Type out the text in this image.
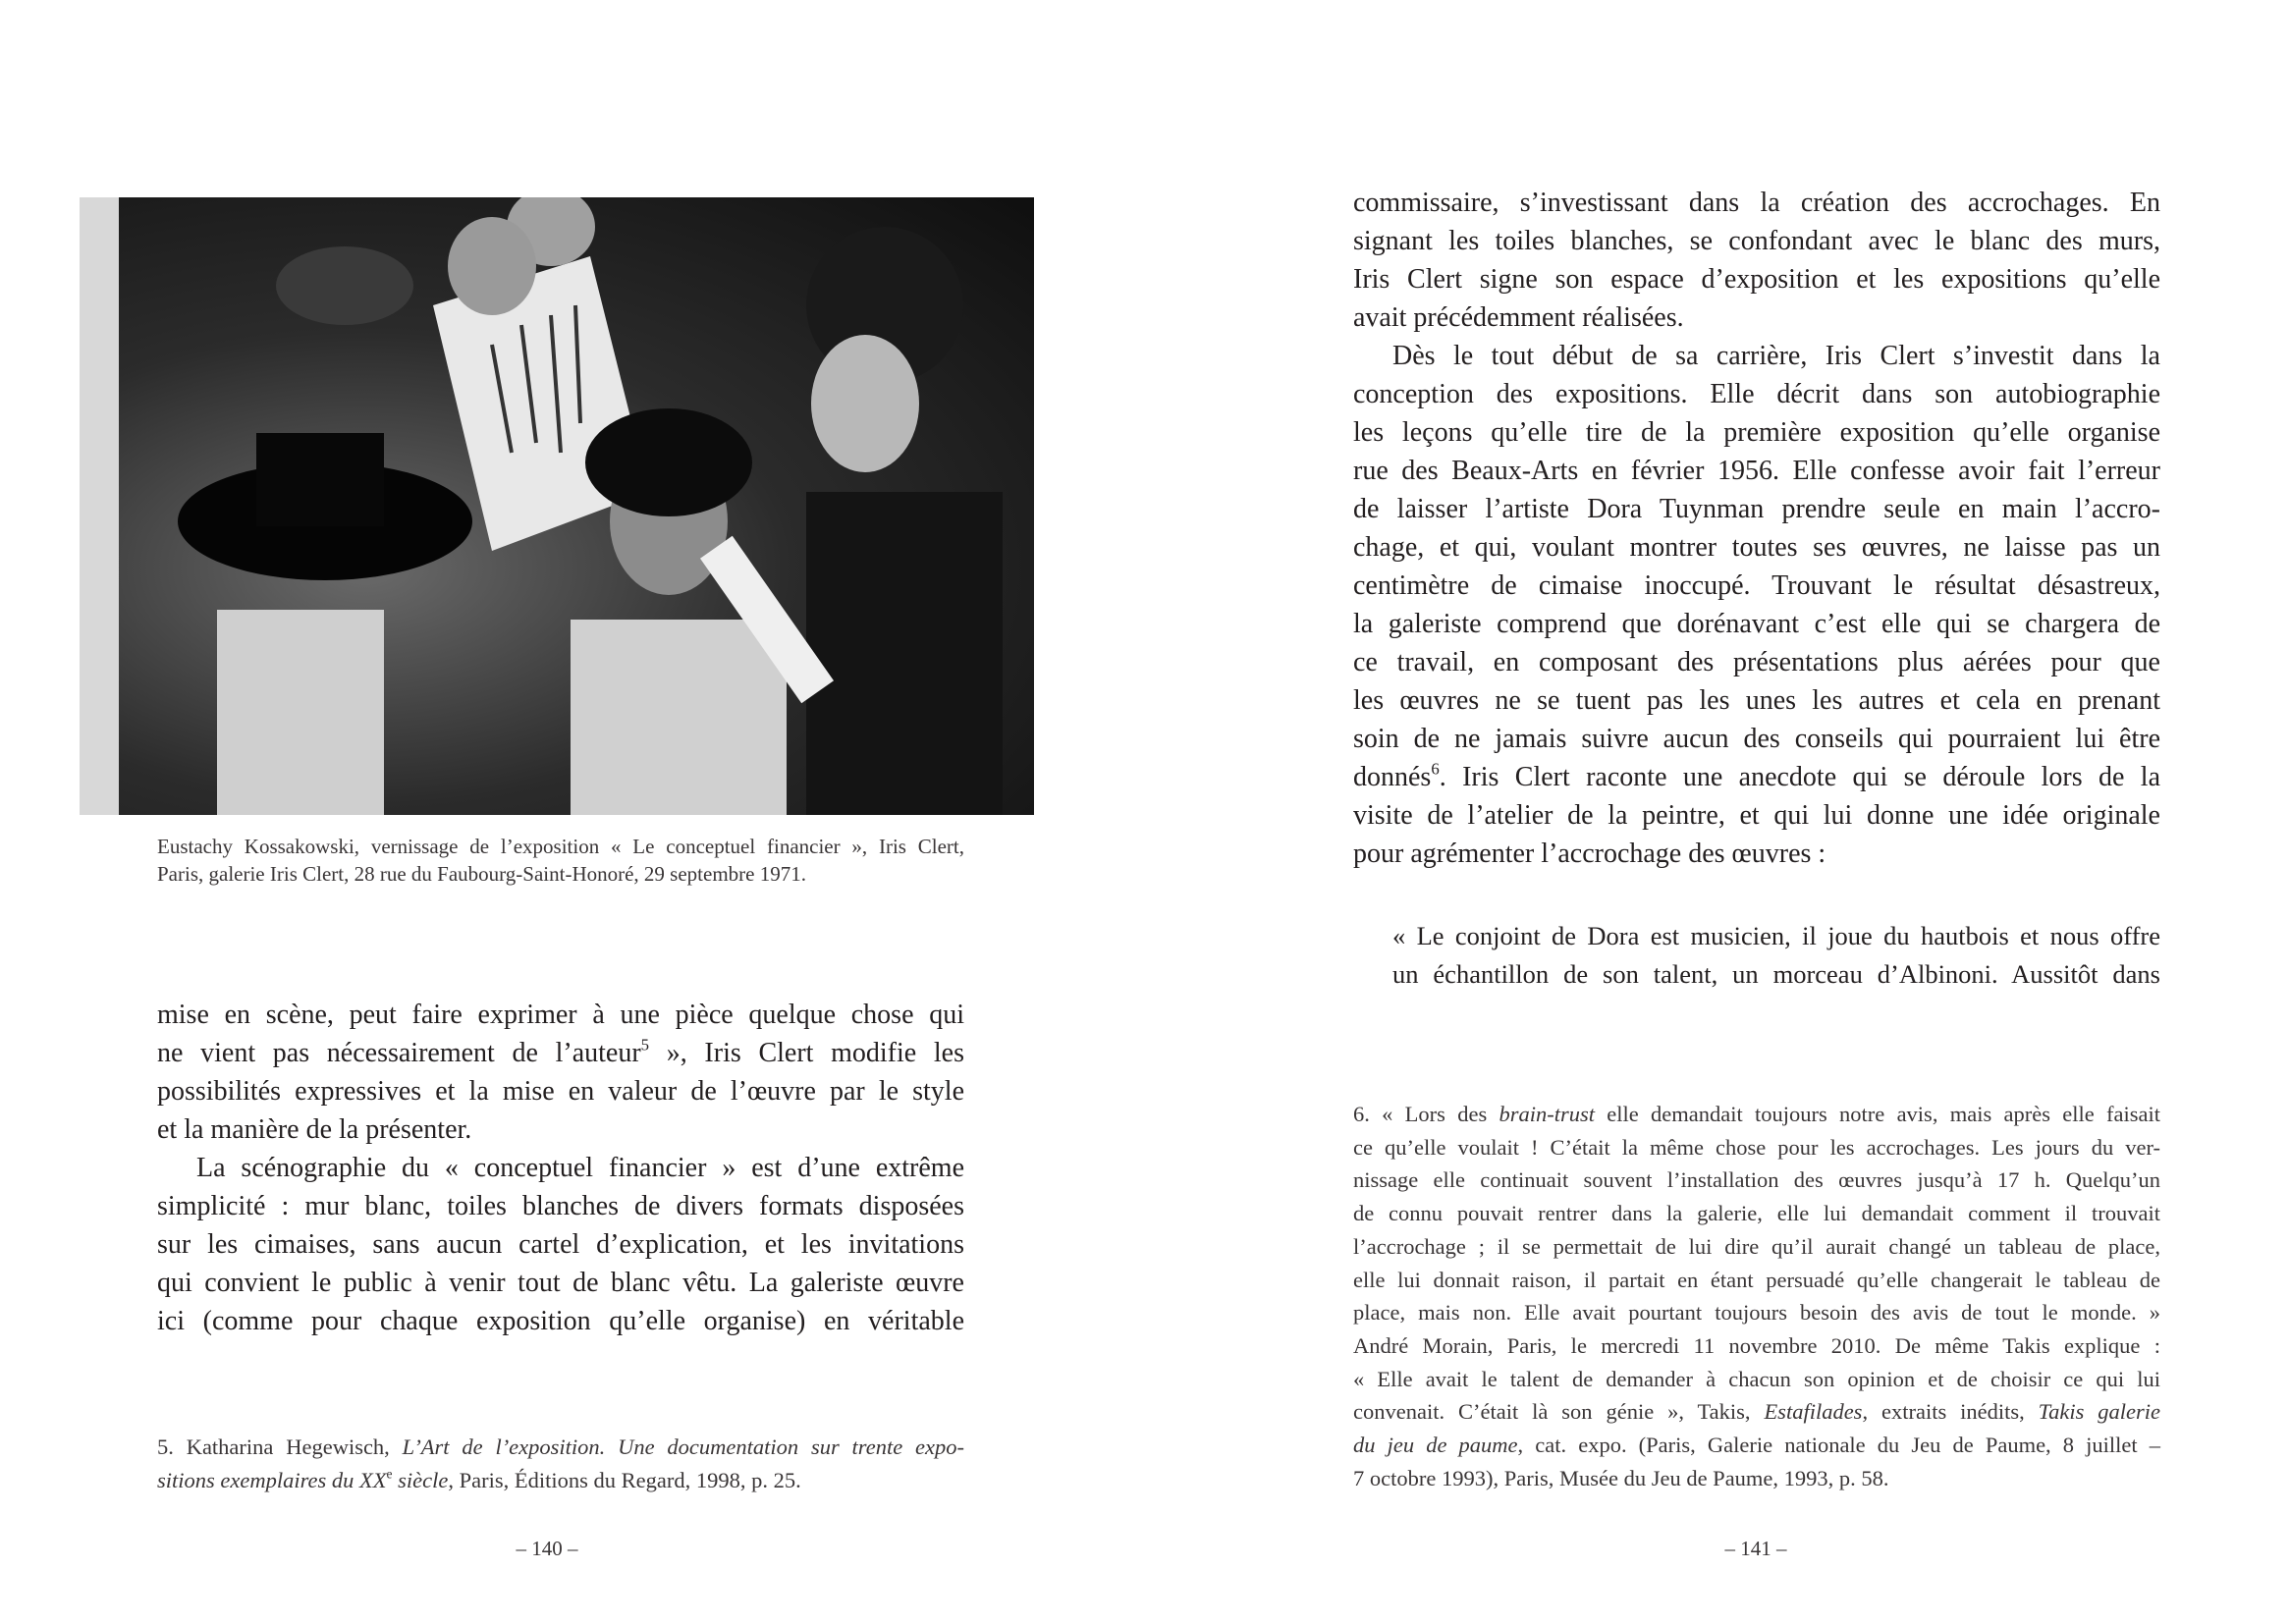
Eustachy Kossakowski, vernissage de l’exposition « Le conceptuel financier », Iris Clert,
Paris, galerie Iris Clert, 28 rue du Faubourg-Saint-Honoré, 29 septembre 1971.
mise en scène, peut faire exprimer à une pièce quelque chose qui
ne vient pas nécessairement de l’auteur$^5$ », Iris Clert modifie les
possibilités expressives et la mise en valeur de l’œuvre par le style
et la manière de la présenter.
La scénographie du « conceptuel financier » est d’une extrême
simplicité : mur blanc, toiles blanches de divers formats disposées
sur les cimaises, sans aucun cartel d’explication, et les invitations
qui convient le public à venir tout de blanc vêtu. La galeriste œuvre
ici (comme pour chaque exposition qu’elle organise) en véritable
5. Katharina Hegewisch, L’Art de l’exposition. Une documentation sur trente expo-
sitions exemplaires du XXe siècle, Paris, Éditions du Regard, 1998, p. 25.
– 140 –
commissaire, s’investissant dans la création des accrochages. En
signant les toiles blanches, se confondant avec le blanc des murs,
Iris Clert signe son espace d’exposition et les expositions qu’elle
avait précédemment réalisées.
Dès le tout début de sa carrière, Iris Clert s’investit dans la
conception des expositions. Elle décrit dans son autobiographie
les leçons qu’elle tire de la première exposition qu’elle organise
rue des Beaux-Arts en février 1956. Elle confesse avoir fait l’erreur
de laisser l’artiste Dora Tuynman prendre seule en main l’accro-
chage, et qui, voulant montrer toutes ses œuvres, ne laisse pas un
centimètre de cimaise inoccupé. Trouvant le résultat désastreux,
la galeriste comprend que dorénavant c’est elle qui se chargera de
ce travail, en composant des présentations plus aérées pour que
les œuvres ne se tuent pas les unes les autres et cela en prenant
soin de ne jamais suivre aucun des conseils qui pourraient lui être
donnés$^6$. Iris Clert raconte une anecdote qui se déroule lors de la
visite de l’atelier de la peintre, et qui lui donne une idée originale
pour agrémenter l’accrochage des œuvres :
« Le conjoint de Dora est musicien, il joue du hautbois et nous offre
un échantillon de son talent, un morceau d’Albinoni. Aussitôt dans
6. « Lors des brain-trust elle demandait toujours notre avis, mais après elle faisait
ce qu’elle voulait ! C’était la même chose pour les accrochages. Les jours du ver-
nissage elle continuait souvent l’installation des œuvres jusqu’à 17 h. Quelqu’un
de connu pouvait rentrer dans la galerie, elle lui demandait comment il trouvait
l’accrochage ; il se permettait de lui dire qu’il aurait changé un tableau de place,
elle lui donnait raison, il partait en étant persuadé qu’elle changerait le tableau de
place, mais non. Elle avait pourtant toujours besoin des avis de tout le monde. »
André Morain, Paris, le mercredi 11 novembre 2010. De même Takis explique :
« Elle avait le talent de demander à chacun son opinion et de choisir ce qui lui
convenait. C’était là son génie », Takis, Estafilades, extraits inédits, Takis galerie
du jeu de paume, cat. expo. (Paris, Galerie nationale du Jeu de Paume, 8 juillet –
7 octobre 1993), Paris, Musée du Jeu de Paume, 1993, p. 58.
– 141 –
